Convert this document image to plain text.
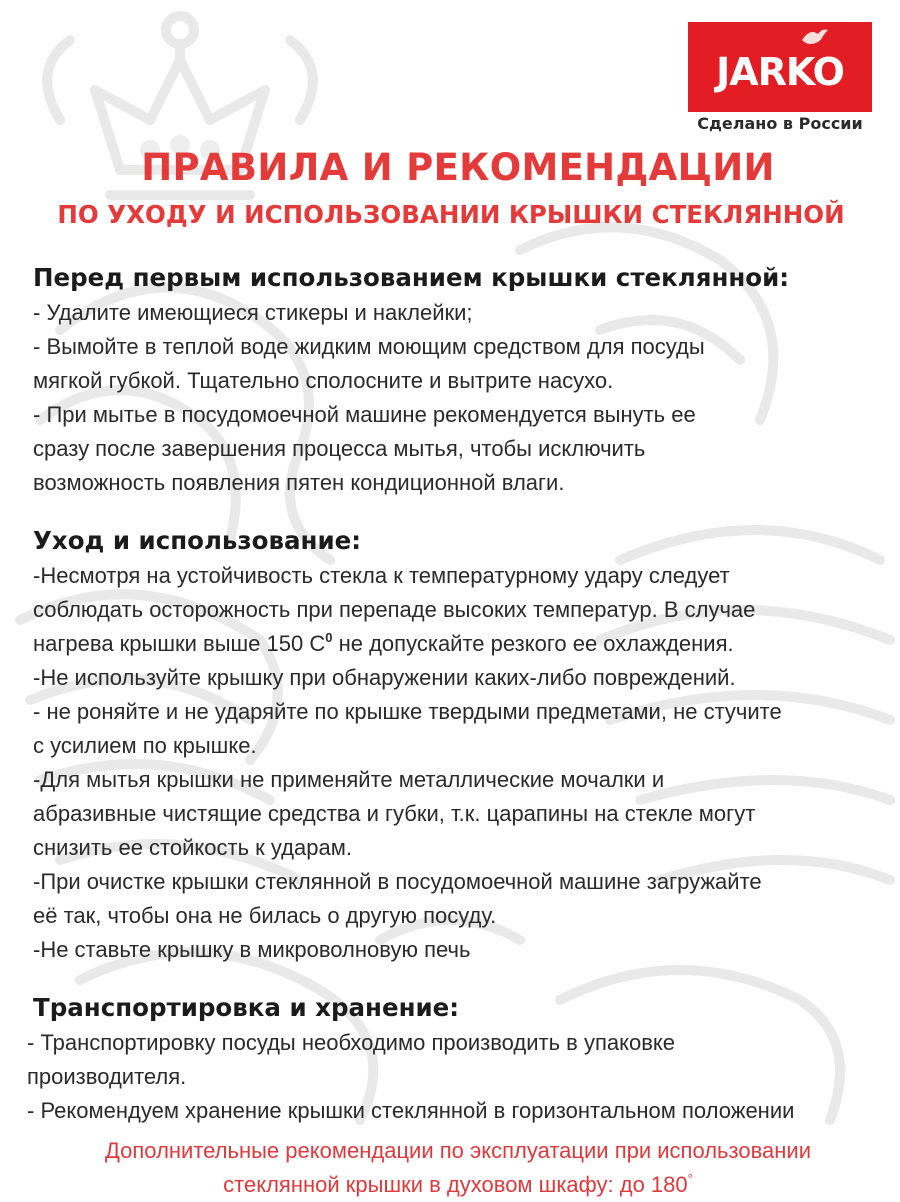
JARKO
Сделано в России
ПРАВИЛА И РЕКОМЕНДАЦИИ
ПО УХОДУ И ИСПОЛЬЗОВАНИИ КРЫШКИ СТЕКЛЯННОЙ
Перед первым использованием крышки стеклянной:
- Удалите имеющиеся стикеры и наклейки;
- Вымойте в теплой воде жидким моющим средством для посуды
мягкой губкой. Тщательно сполосните и вытрите насухо.
- При мытье в посудомоечной машине рекомендуется вынуть ее
сразу после завершения процесса мытья, чтобы исключить
возможность появления пятен кондиционной влаги.
Уход и использование:
-Несмотря на устойчивость стекла к температурному удару следует
соблюдать осторожность при перепаде высоких температур. В случае
нагрева крышки выше 150 $С^0$ не допускайте резкого ее охлаждения.
-Не используйте крышку при обнаружении каких-либо повреждений.
- не роняйте и не ударяйте по крышке твердыми предметами, не стучите
с усилием по крышке.
-Для мытья крышки не применяйте металлические мочалки и
абразивные чистящие средства и губки, т.к. царапины на стекле могут
снизить ее стойкость к ударам.
-При очистке крышки стеклянной в посудомоечной машине загружайте
её так, чтобы она не билась о другую посуду.
-Не ставьте крышку в микроволновую печь
Транспортировка и хранение:
- Транспортировку посуды необходимо производить в упаковке
производителя.
- Рекомендуем хранение крышки стеклянной в горизонтальном положении
Дополнительные рекомендации по эксплуатации при использовании
стеклянной крышки в духовом шкафу: до 180°
